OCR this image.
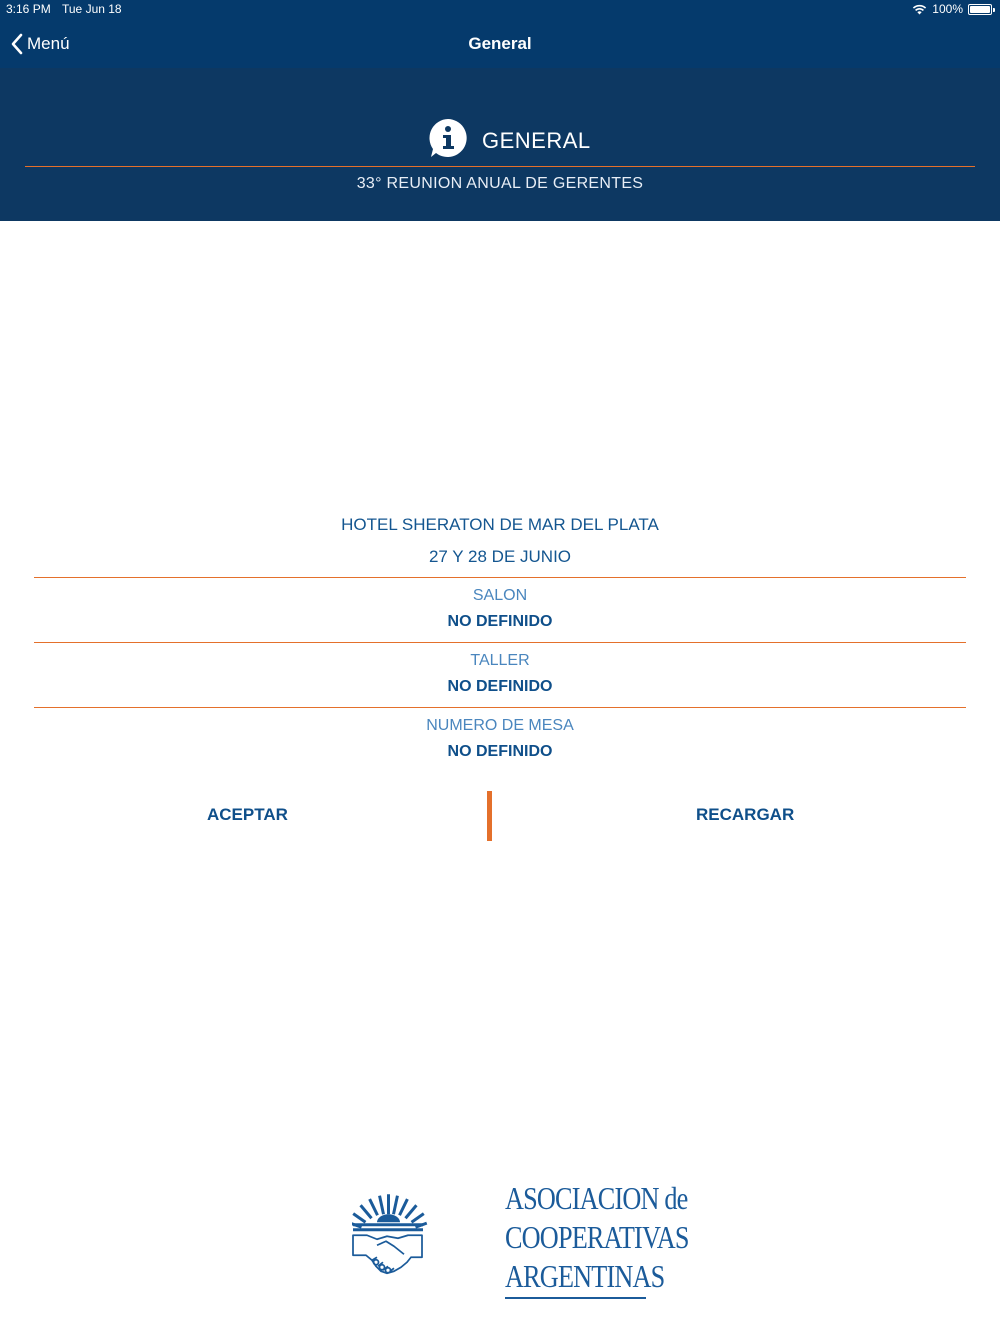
3:16 PM Tue Jun 18	100%
Menú	General
GENERAL
33° REUNION ANUAL DE GERENTES
HOTEL SHERATON DE MAR DEL PLATA
27 Y 28 DE JUNIO
SALON
NO DEFINIDO
TALLER
NO DEFINIDO
NUMERO DE MESA
NO DEFINIDO
ACEPTAR	RECARGAR
ASOCIACION de
COOPERATIVAS
ARGENTINAS
